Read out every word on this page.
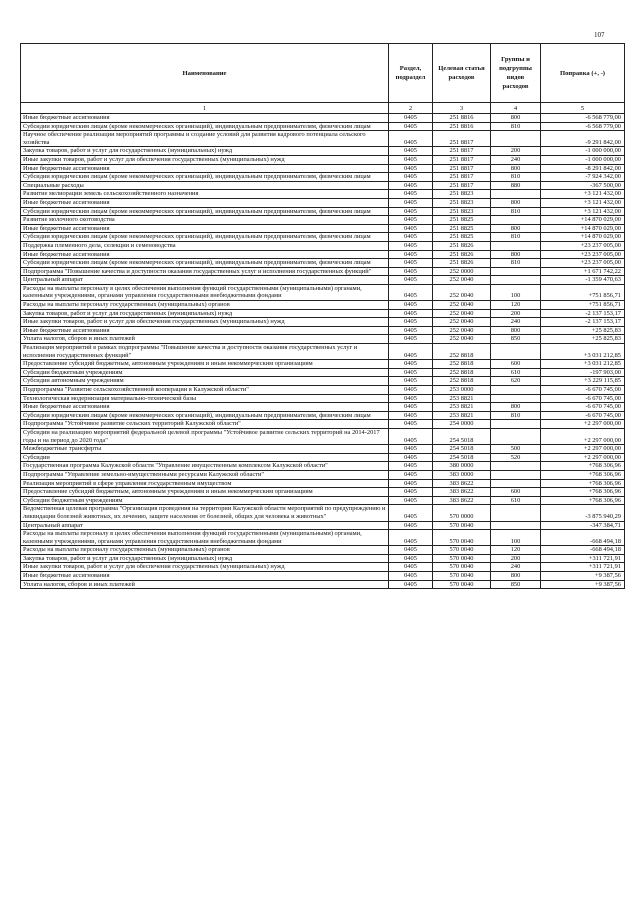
107
Наименование	Раздел, подраздел	Целевая статья расходов	Группы и подгруппы видов расходов	Поправка (+, -)
1	2	3	4	5
Иные бюджетные ассигнования	0405	251 8816	800	-6 568 779,00
Субсидии юридическим лицам (кроме некоммерческих организаций), индивидуальным предпринимателям, физическим лицам	0405	251 8816	810	-6 568 779,00
Научное обеспечение реализации мероприятий программы и создание условий для развития кадрового потенциала сельского хозяйства	0405	251 8817		-9 291 842,00
Закупка товаров, работ и услуг для государственных (муниципальных) нужд	0405	251 8817	200	-1 000 000,00
Иные закупки товаров, работ и услуг для обеспечения государственных (муниципальных) нужд	0405	251 8817	240	-1 000 000,00
Иные бюджетные ассигнования	0405	251 8817	800	-8 291 842,00
Субсидии юридическим лицам (кроме некоммерческих организаций), индивидуальным предпринимателям, физическим лицам	0405	251 8817	810	-7 924 342,00
Специальные расходы	0405	251 8817	880	-367 500,00
Развитие мелиорации земель сельскохозяйственного назначения	0405	251 8823		+3 121 432,00
Иные бюджетные ассигнования	0405	251 8823	800	+3 121 432,00
Субсидии юридическим лицам (кроме некоммерческих организаций), индивидуальным предпринимателям, физическим лицам	0405	251 8823	810	+3 121 432,00
Развитие молочного скотоводства	0405	251 8825		+14 870 029,00
Иные бюджетные ассигнования	0405	251 8825	800	+14 870 029,00
Субсидии юридическим лицам (кроме некоммерческих организаций), индивидуальным предпринимателям, физическим лицам	0405	251 8825	810	+14 870 029,00
Поддержка племенного дела, селекции и семеноводства	0405	251 8826		+23 237 005,00
Иные бюджетные ассигнования	0405	251 8826	800	+23 237 005,00
Субсидии юридическим лицам (кроме некоммерческих организаций), индивидуальным предпринимателям, физическим лицам	0405	251 8826	810	+23 237 005,00
Подпрограмма "Повышение качества и доступности оказания государственных услуг и исполнения государственных функций"	0405	252 0000		+1 671 742,22
Центральный аппарат	0405	252 0040		-1 359 470,63
Расходы на выплаты персоналу в целях обеспечения выполнения функций государственными (муниципальными) органами, казенными учреждениями, органами управления государственными внебюджетными фондами	0405	252 0040	100	+751 856,71
Расходы на выплаты персоналу государственных (муниципальных) органов	0405	252 0040	120	+751 856,71
Закупка товаров, работ и услуг для государственных (муниципальных) нужд	0405	252 0040	200	-2 137 153,17
Иные закупки товаров, работ и услуг для обеспечения государственных (муниципальных) нужд	0405	252 0040	240	-2 137 153,17
Иные бюджетные ассигнования	0405	252 0040	800	+25 825,83
Уплата налогов, сборов и иных платежей	0405	252 0040	850	+25 825,83
Реализация мероприятий в рамках подпрограммы "Повышение качества и доступности оказания государственных услуг и исполнения государственных функций"	0405	252 8818		+3 031 212,85
Предоставление субсидий бюджетным, автономным учреждениям и иным некоммерческим организациям	0405	252 8818	600	+3 031 212,85
Субсидии бюджетным учреждениям	0405	252 8818	610	-197 903,00
Субсидии автономным учреждениям	0405	252 8818	620	+3 229 115,85
Подпрограмма "Развитие сельскохозяйственной кооперации в Калужской области"	0405	253 0000		-6 670 745,00
Технологическая модернизация материально-технической базы	0405	253 8821		-6 670 745,00
Иные бюджетные ассигнования	0405	253 8821	800	-6 670 745,00
Субсидии юридическим лицам (кроме некоммерческих организаций), индивидуальным предпринимателям, физическим лицам	0405	253 8821	810	-6 670 745,00
Подпрограмма "Устойчивое развитие сельских территорий Калужской области"	0405	254 0000		+2 297 000,00
Субсидии на реализацию мероприятий федеральной целевой программы "Устойчивое развитие сельских территорий на 2014-2017 годы и на период до 2020 года"	0405	254 5018		+2 297 000,00
Межбюджетные трансферты	0405	254 5018	500	+2 297 000,00
Субсидии	0405	254 5018	520	+2 297 000,00
Государственная программа Калужской области "Управление имущественным комплексом Калужской области"	0405	380 0000		+768 306,96
Подпрограмма "Управление земельно-имущественными ресурсами Калужской области"	0405	383 0000		+768 306,96
Реализация мероприятий в сфере управления государственным имуществом	0405	383 8622		+768 306,96
Предоставление субсидий бюджетным, автономным учреждениям и иным некоммерческим организациям	0405	383 8622	600	+768 306,96
Субсидии бюджетным учреждениям	0405	383 8622	610	+768 306,96
Ведомственная целевая программа "Организация проведения на территории Калужской области мероприятий по предупреждению и ликвидации болезней животных, их лечению, защите населения от болезней, общих для человека и животных"	0405	570 0000		-3 875 940,29
Центральный аппарат	0405	570 0040		-347 384,71
Расходы на выплаты персоналу в целях обеспечения выполнения функций государственными (муниципальными) органами, казенными учреждениями, органами управления государственными внебюджетными фондами	0405	570 0040	100	-668 494,18
Расходы на выплаты персоналу государственных (муниципальных) органов	0405	570 0040	120	-668 494,18
Закупка товаров, работ и услуг для государственных (муниципальных) нужд	0405	570 0040	200	+311 721,91
Иные закупки товаров, работ и услуг для обеспечения государственных (муниципальных) нужд	0405	570 0040	240	+311 721,91
Иные бюджетные ассигнования	0405	570 0040	800	+9 387,56
Уплата налогов, сборов и иных платежей	0405	570 0040	850	+9 387,56
